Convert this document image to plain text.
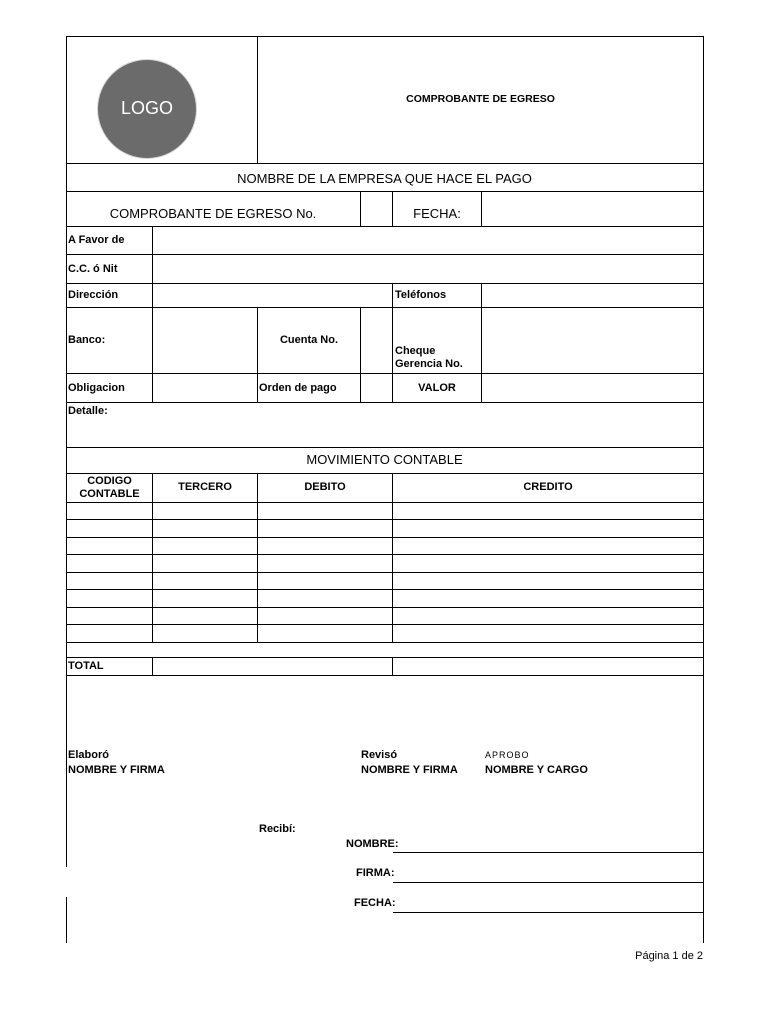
LOGO	COMPROBANTE DE EGRESO
NOMBRE DE LA EMPRESA QUE HACE EL PAGO
COMPROBANTE DE EGRESO No.	FECHA:
A Favor de
C.C. ó Nit
Dirección	Teléfonos
Banco:	Cuenta No.
Cheque
Gerencia No.
Obligacion	Orden de pago	VALOR
Detalle:
MOVIMIENTO CONTABLE
CODIGO
CONTABLE
TERCERO	DEBITO	CREDITO
TOTAL
Elaboró
NOMBRE Y FIRMA
Revisó
NOMBRE Y FIRMA
APROBO
NOMBRE Y CARGO
Recibí:
NOMBRE:
FIRMA:
FECHA:
Página 1 de 2
